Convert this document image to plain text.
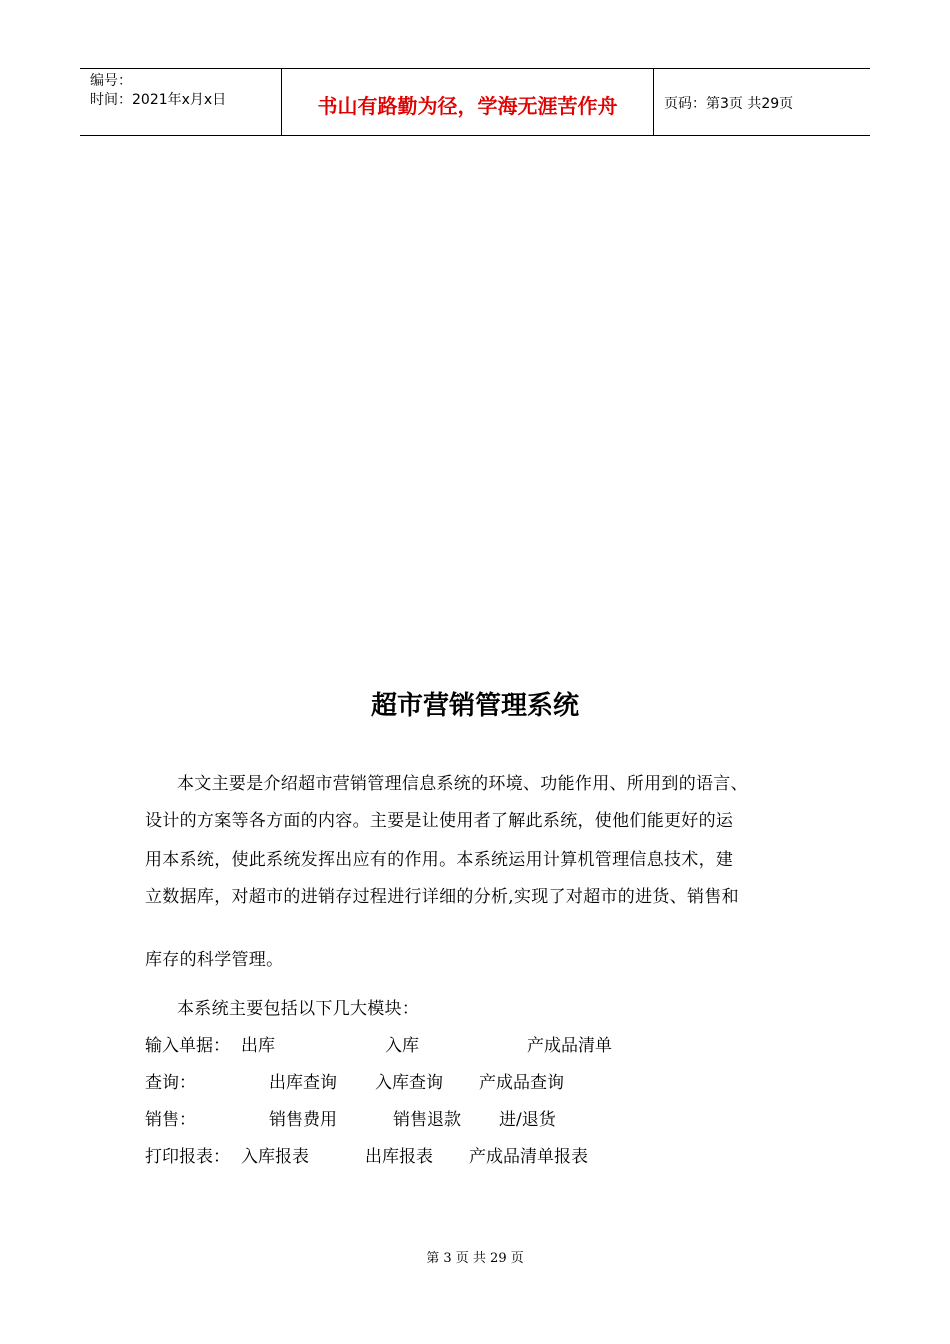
编号：
时间：2021年x月x日	书山有路勤为径，学海无涯苦作舟	页码：第3页 共29页
超市营销管理系统
本文主要是介绍超市营销管理信息系统的环境、功能作用、所用到的语言、
设计的方案等各方面的内容。主要是让使用者了解此系统，使他们能更好的运
用本系统，使此系统发挥出应有的作用。本系统运用计算机管理信息技术，建
立数据库，对超市的进销存过程进行详细的分析,实现了对超市的进货、销售和
库存的科学管理。
本系统主要包括以下几大模块：
输入单据： 出库	入库	产成品清单
查询：	出库查询 入库查询 产成品查询
销售：	销售费用	销售退款 进/退货
打印报表： 入库报表	出库报表 产成品清单报表
第 3 页 共 29 页
